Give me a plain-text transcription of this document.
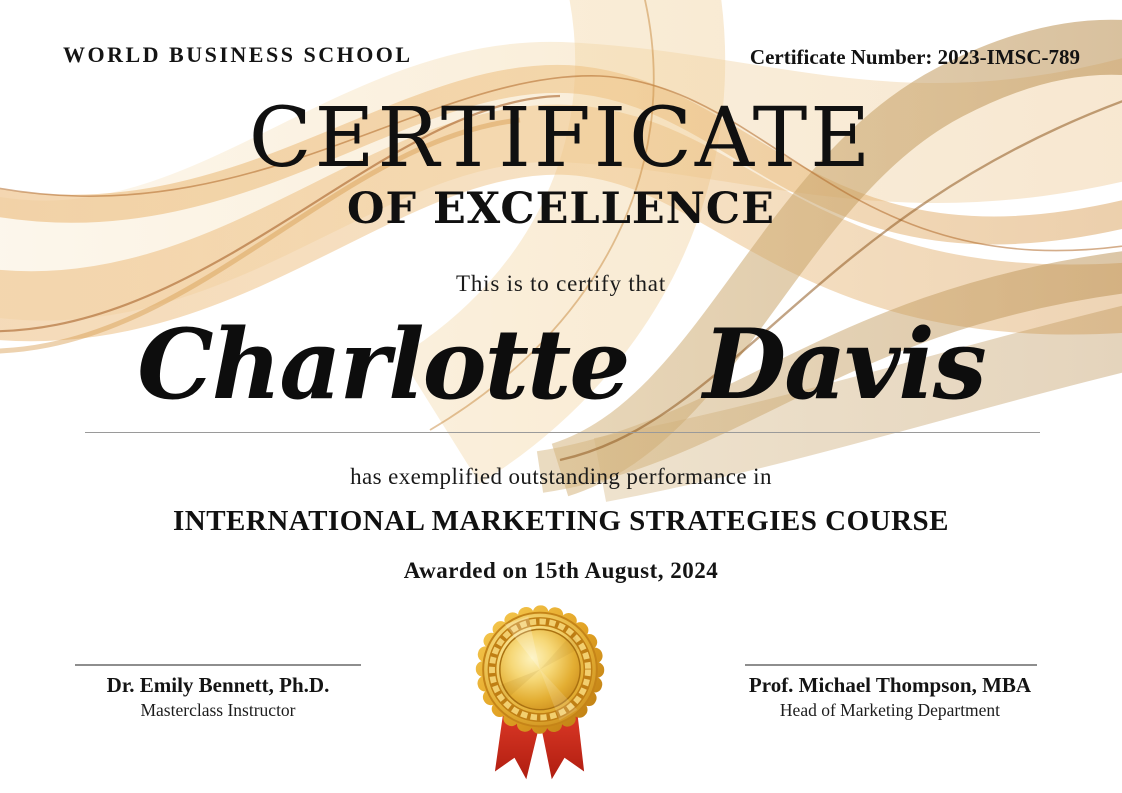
WORLD BUSINESS SCHOOL	Certificate Number: 2023-IMSC-789
CERTIFICATE
OF EXCELLENCE
This is to certify that
Charlotte Davis
has exemplified outstanding performance in
INTERNATIONAL MARKETING STRATEGIES COURSE
Awarded on 15th August, 2024
Dr. Emily Bennett, Ph.D.
Masterclass Instructor
Prof. Michael Thompson, MBA
Head of Marketing Department
